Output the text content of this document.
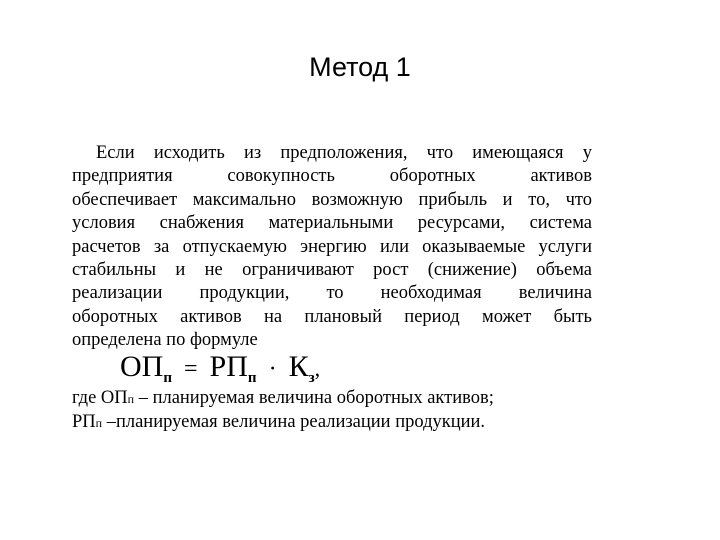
Метод 1
Если исходить из предположения, что имеющаяся у
предприятия совокупность оборотных активов
обеспечивает максимально возможную прибыль и то, что
условия снабжения материальными ресурсами, система
расчетов за отпускаемую энергию или оказываемые услуги
стабильны и не ограничивают рост (снижение) объема
реализации продукции, то необходимая величина
оборотных активов на плановый период может быть
определена по формуле
ОПп = РПп · Кз,
где ОПп – планируемая величина оборотных активов;
РПп –планируемая величина реализации продукции.
